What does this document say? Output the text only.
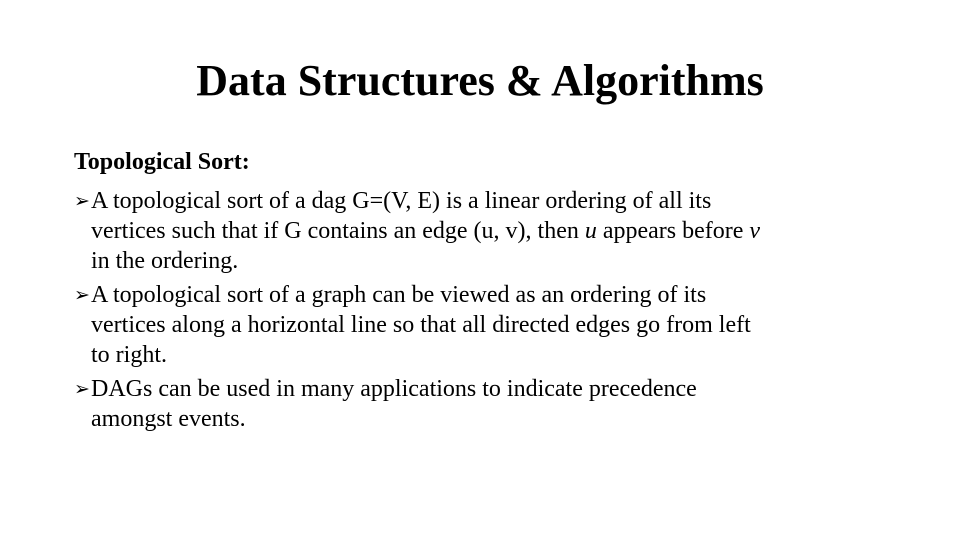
Data Structures & Algorithms
Topological Sort:
➢ A topological sort of a dag G=(V, E) is a linear ordering of all its
vertices such that if G contains an edge (u, v), then u appears before v
in the ordering.
➢ A topological sort of a graph can be viewed as an ordering of its
vertices along a horizontal line so that all directed edges go from left
to right.
➢ DAGs can be used in many applications to indicate precedence
amongst events.
